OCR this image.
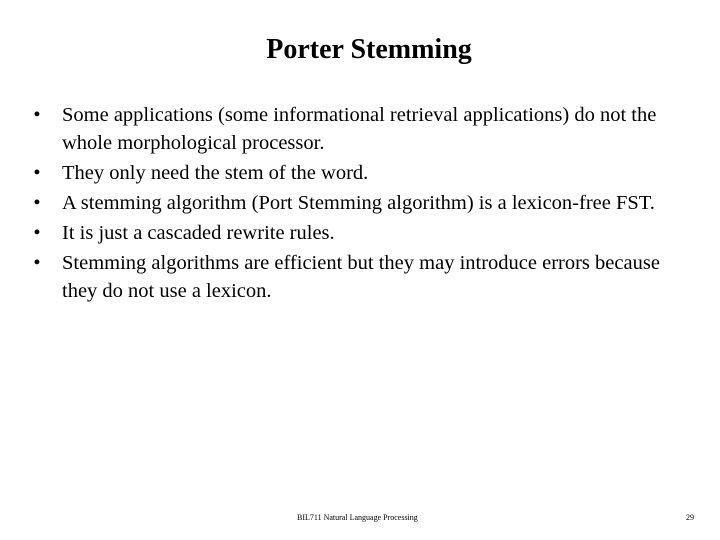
Porter Stemming
• Some applications (some informational retrieval applications) do not the whole morphological processor.
• They only need the stem of the word.
• A stemming algorithm (Port Stemming algorithm) is a lexicon-free FST.
• It is just a cascaded rewrite rules.
• Stemming algorithms are efficient but they may introduce errors because they do not use a lexicon.
BIL711 Natural Language Processing	29
